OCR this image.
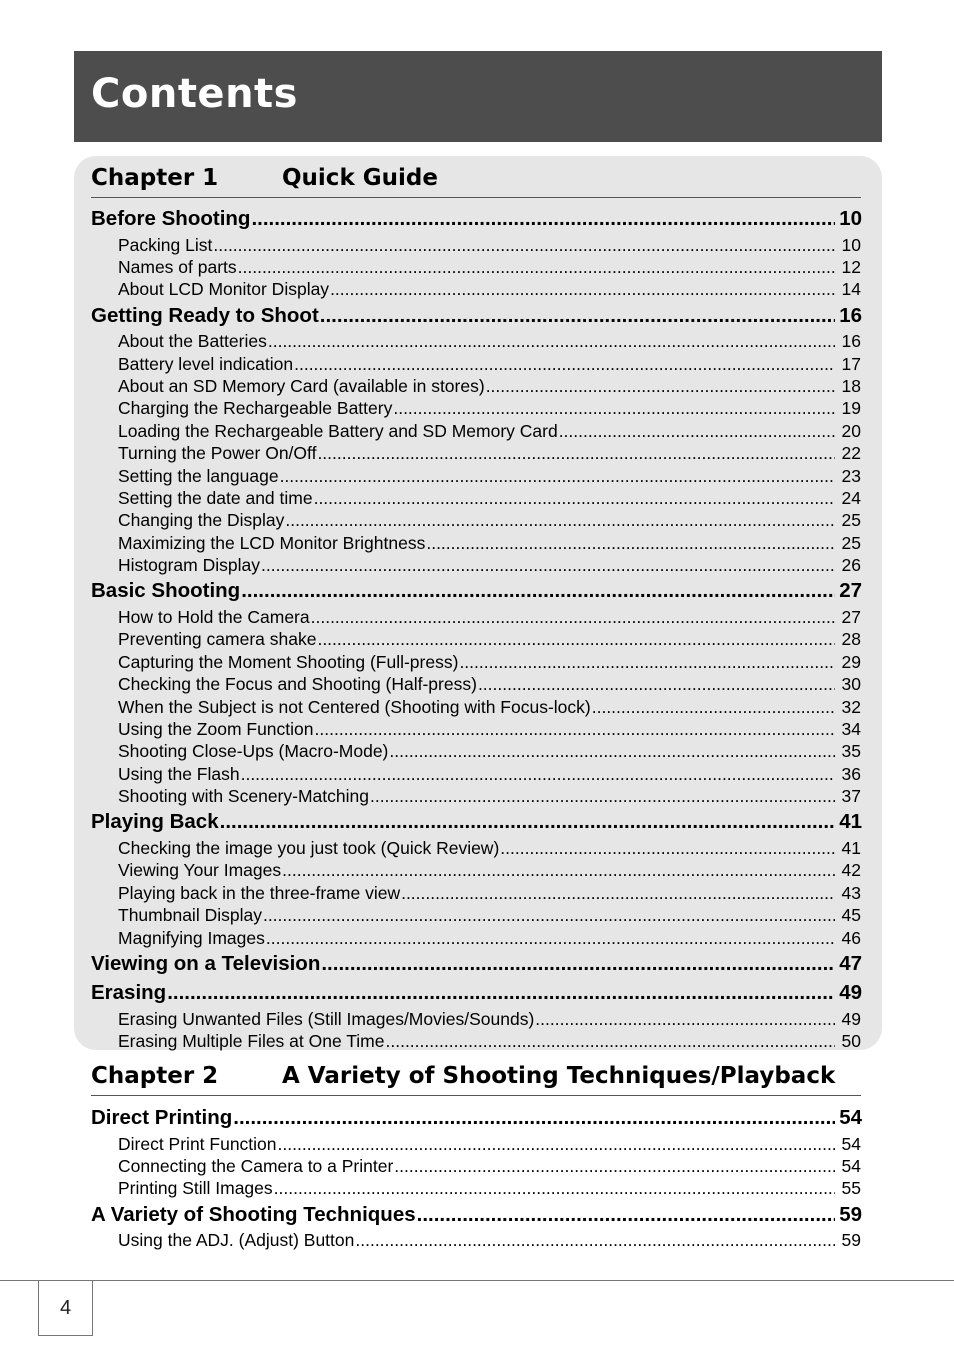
Contents
Chapter 1	Quick Guide
Before Shooting .....	10
Packing List .....	10
Names of parts .....	12
About LCD Monitor Display .....	14
Getting Ready to Shoot .....	16
About the Batteries .....	16
Battery level indication .....	17
About an SD Memory Card (available in stores) .....	18
Charging the Rechargeable Battery .....	19
Loading the Rechargeable Battery and SD Memory Card .....	20
Turning the Power On/Off .....	22
Setting the language .....	23
Setting the date and time .....	24
Changing the Display .....	25
Maximizing the LCD Monitor Brightness .....	25
Histogram Display .....	26
Basic Shooting .....	27
How to Hold the Camera .....	27
Preventing camera shake .....	28
Capturing the Moment Shooting (Full-press) .....	29
Checking the Focus and Shooting (Half-press) .....	30
When the Subject is not Centered (Shooting with Focus-lock) .....	32
Using the Zoom Function .....	34
Shooting Close-Ups (Macro-Mode) .....	35
Using the Flash .....	36
Shooting with Scenery-Matching .....	37
Playing Back .....	41
Checking the image you just took (Quick Review) .....	41
Viewing Your Images .....	42
Playing back in the three-frame view .....	43
Thumbnail Display .....	45
Magnifying Images .....	46
Viewing on a Television .....	47
Erasing .....	49
Erasing Unwanted Files (Still Images/Movies/Sounds) .....	49
Erasing Multiple Files at One Time .....	50
Chapter 2	A Variety of Shooting Techniques/Playback
Direct Printing .....	54
Direct Print Function .....	54
Connecting the Camera to a Printer .....	54
Printing Still Images .....	55
A Variety of Shooting Techniques .....	59
Using the ADJ. (Adjust) Button .....	59
4
